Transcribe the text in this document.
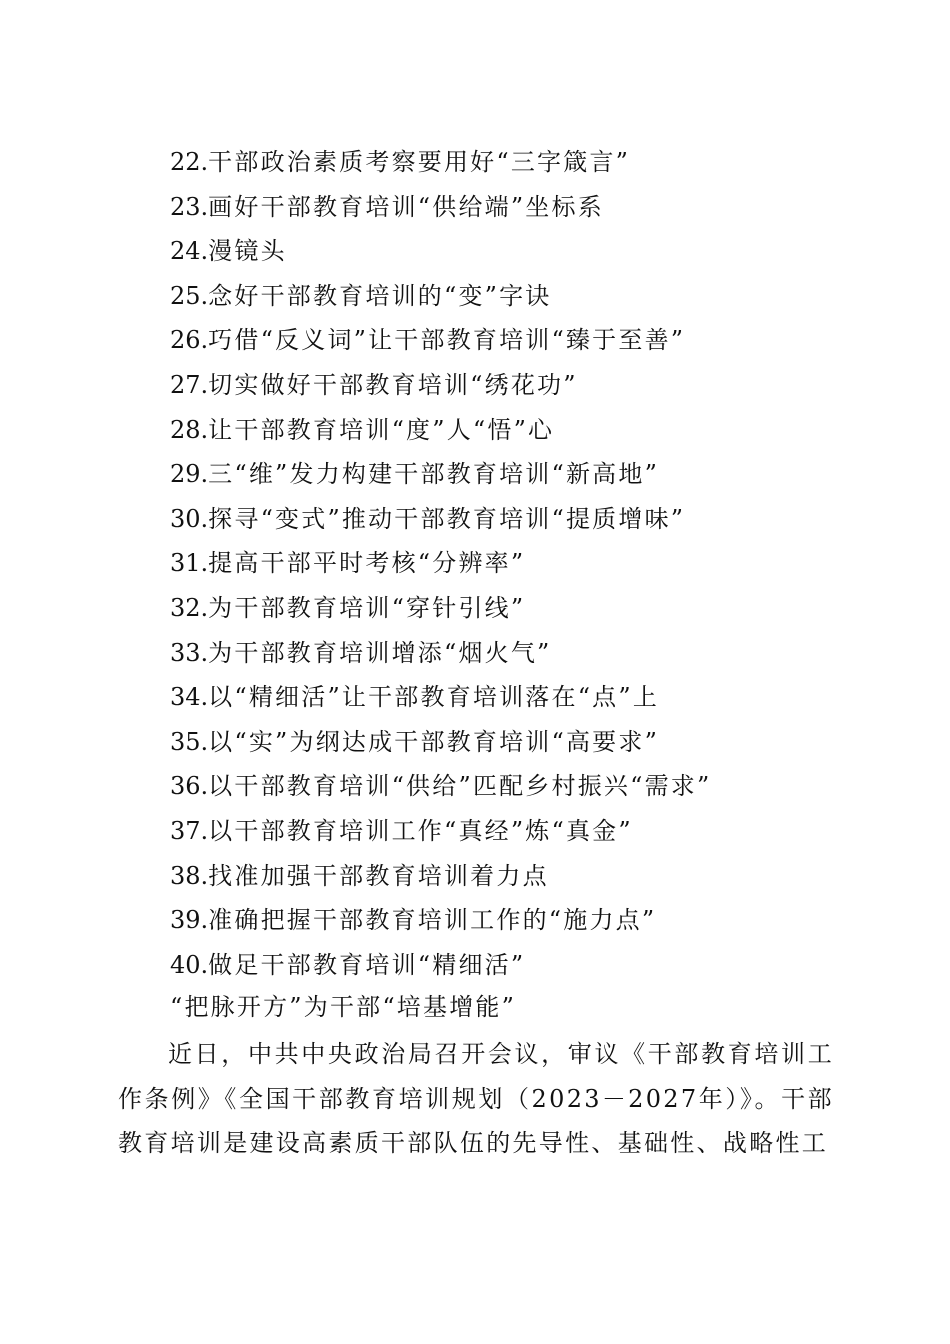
22.干部政治素质考察要用好“三字箴言”
23.画好干部教育培训“供给端”坐标系
24.漫镜头
25.念好干部教育培训的“变”字诀
26.巧借“反义词”让干部教育培训“臻于至善”
27.切实做好干部教育培训“绣花功”
28.让干部教育培训“度”人“悟”心
29.三“维”发力构建干部教育培训“新高地”
30.探寻“变式”推动干部教育培训“提质增味”
31.提高干部平时考核“分辨率”
32.为干部教育培训“穿针引线”
33.为干部教育培训增添“烟火气”
34.以“精细活”让干部教育培训落在“点”上
35.以“实”为纲达成干部教育培训“高要求”
36.以干部教育培训“供给”匹配乡村振兴“需求”
37.以干部教育培训工作“真经”炼“真金”
38.找准加强干部教育培训着力点
39.准确把握干部教育培训工作的“施力点”
40.做足干部教育培训“精细活”
“把脉开方”为干部“培基增能”

近日，中共中央政治局召开会议，审议《干部教育培训工作条例》《全国干部教育培训规划（2023－2027年）》。干部教育培训是建设高素质干部队伍的先导性、基础性、战略性工
